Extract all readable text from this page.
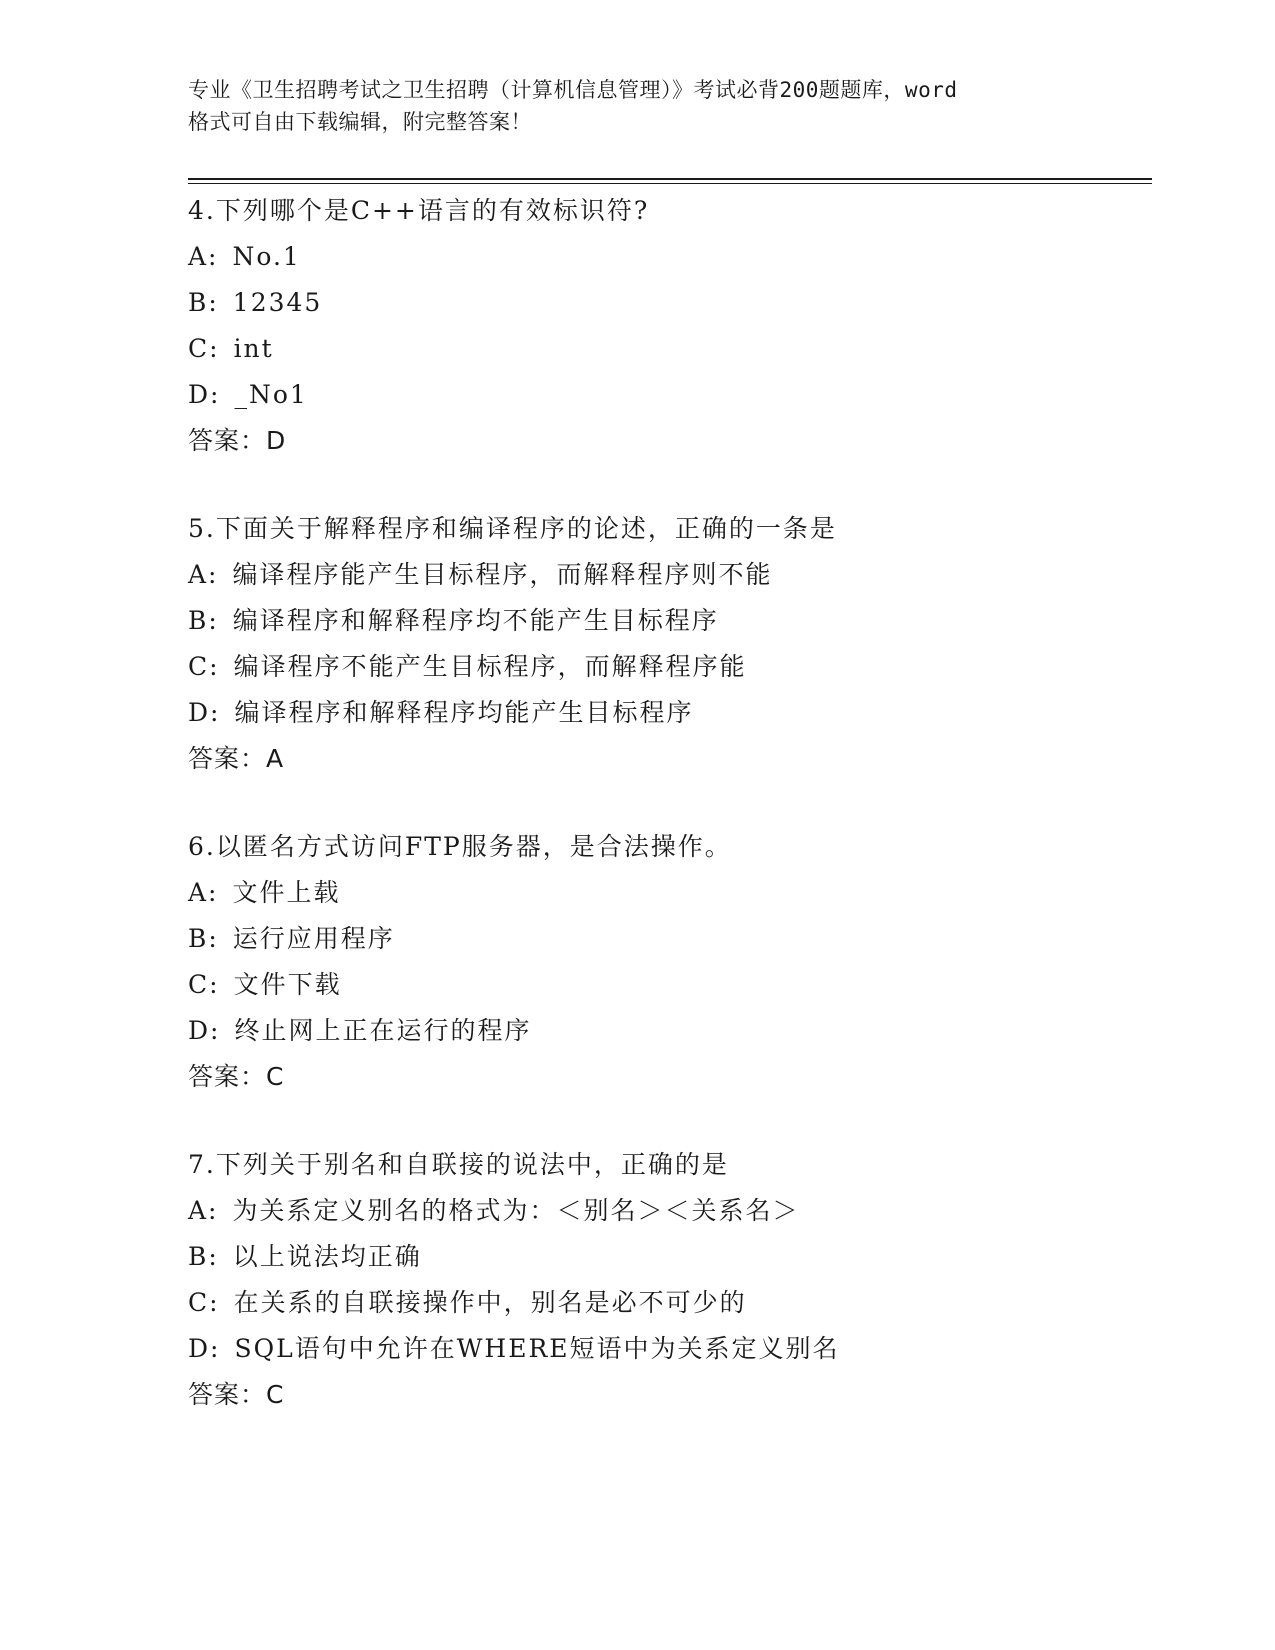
专业《卫生招聘考试之卫生招聘（计算机信息管理）》考试必背200题题库，word
格式可自由下载编辑，附完整答案！
4.下列哪个是C++语言的有效标识符?
A: No.1
B: 12345
C: int
D: _No1
答案：D
5.下面关于解释程序和编译程序的论述，正确的一条是
A: 编译程序能产生目标程序，而解释程序则不能
B: 编译程序和解释程序均不能产生目标程序
C: 编译程序不能产生目标程序，而解释程序能
D: 编译程序和解释程序均能产生目标程序
答案：A
6.以匿名方式访问FTP服务器，是合法操作。
A: 文件上载
B: 运行应用程序
C: 文件下载
D: 终止网上正在运行的程序
答案：C
7.下列关于别名和自联接的说法中，正确的是
A: 为关系定义别名的格式为：＜别名＞＜关系名＞
B: 以上说法均正确
C: 在关系的自联接操作中，别名是必不可少的
D: SQL语句中允许在WHERE短语中为关系定义别名
答案：C
